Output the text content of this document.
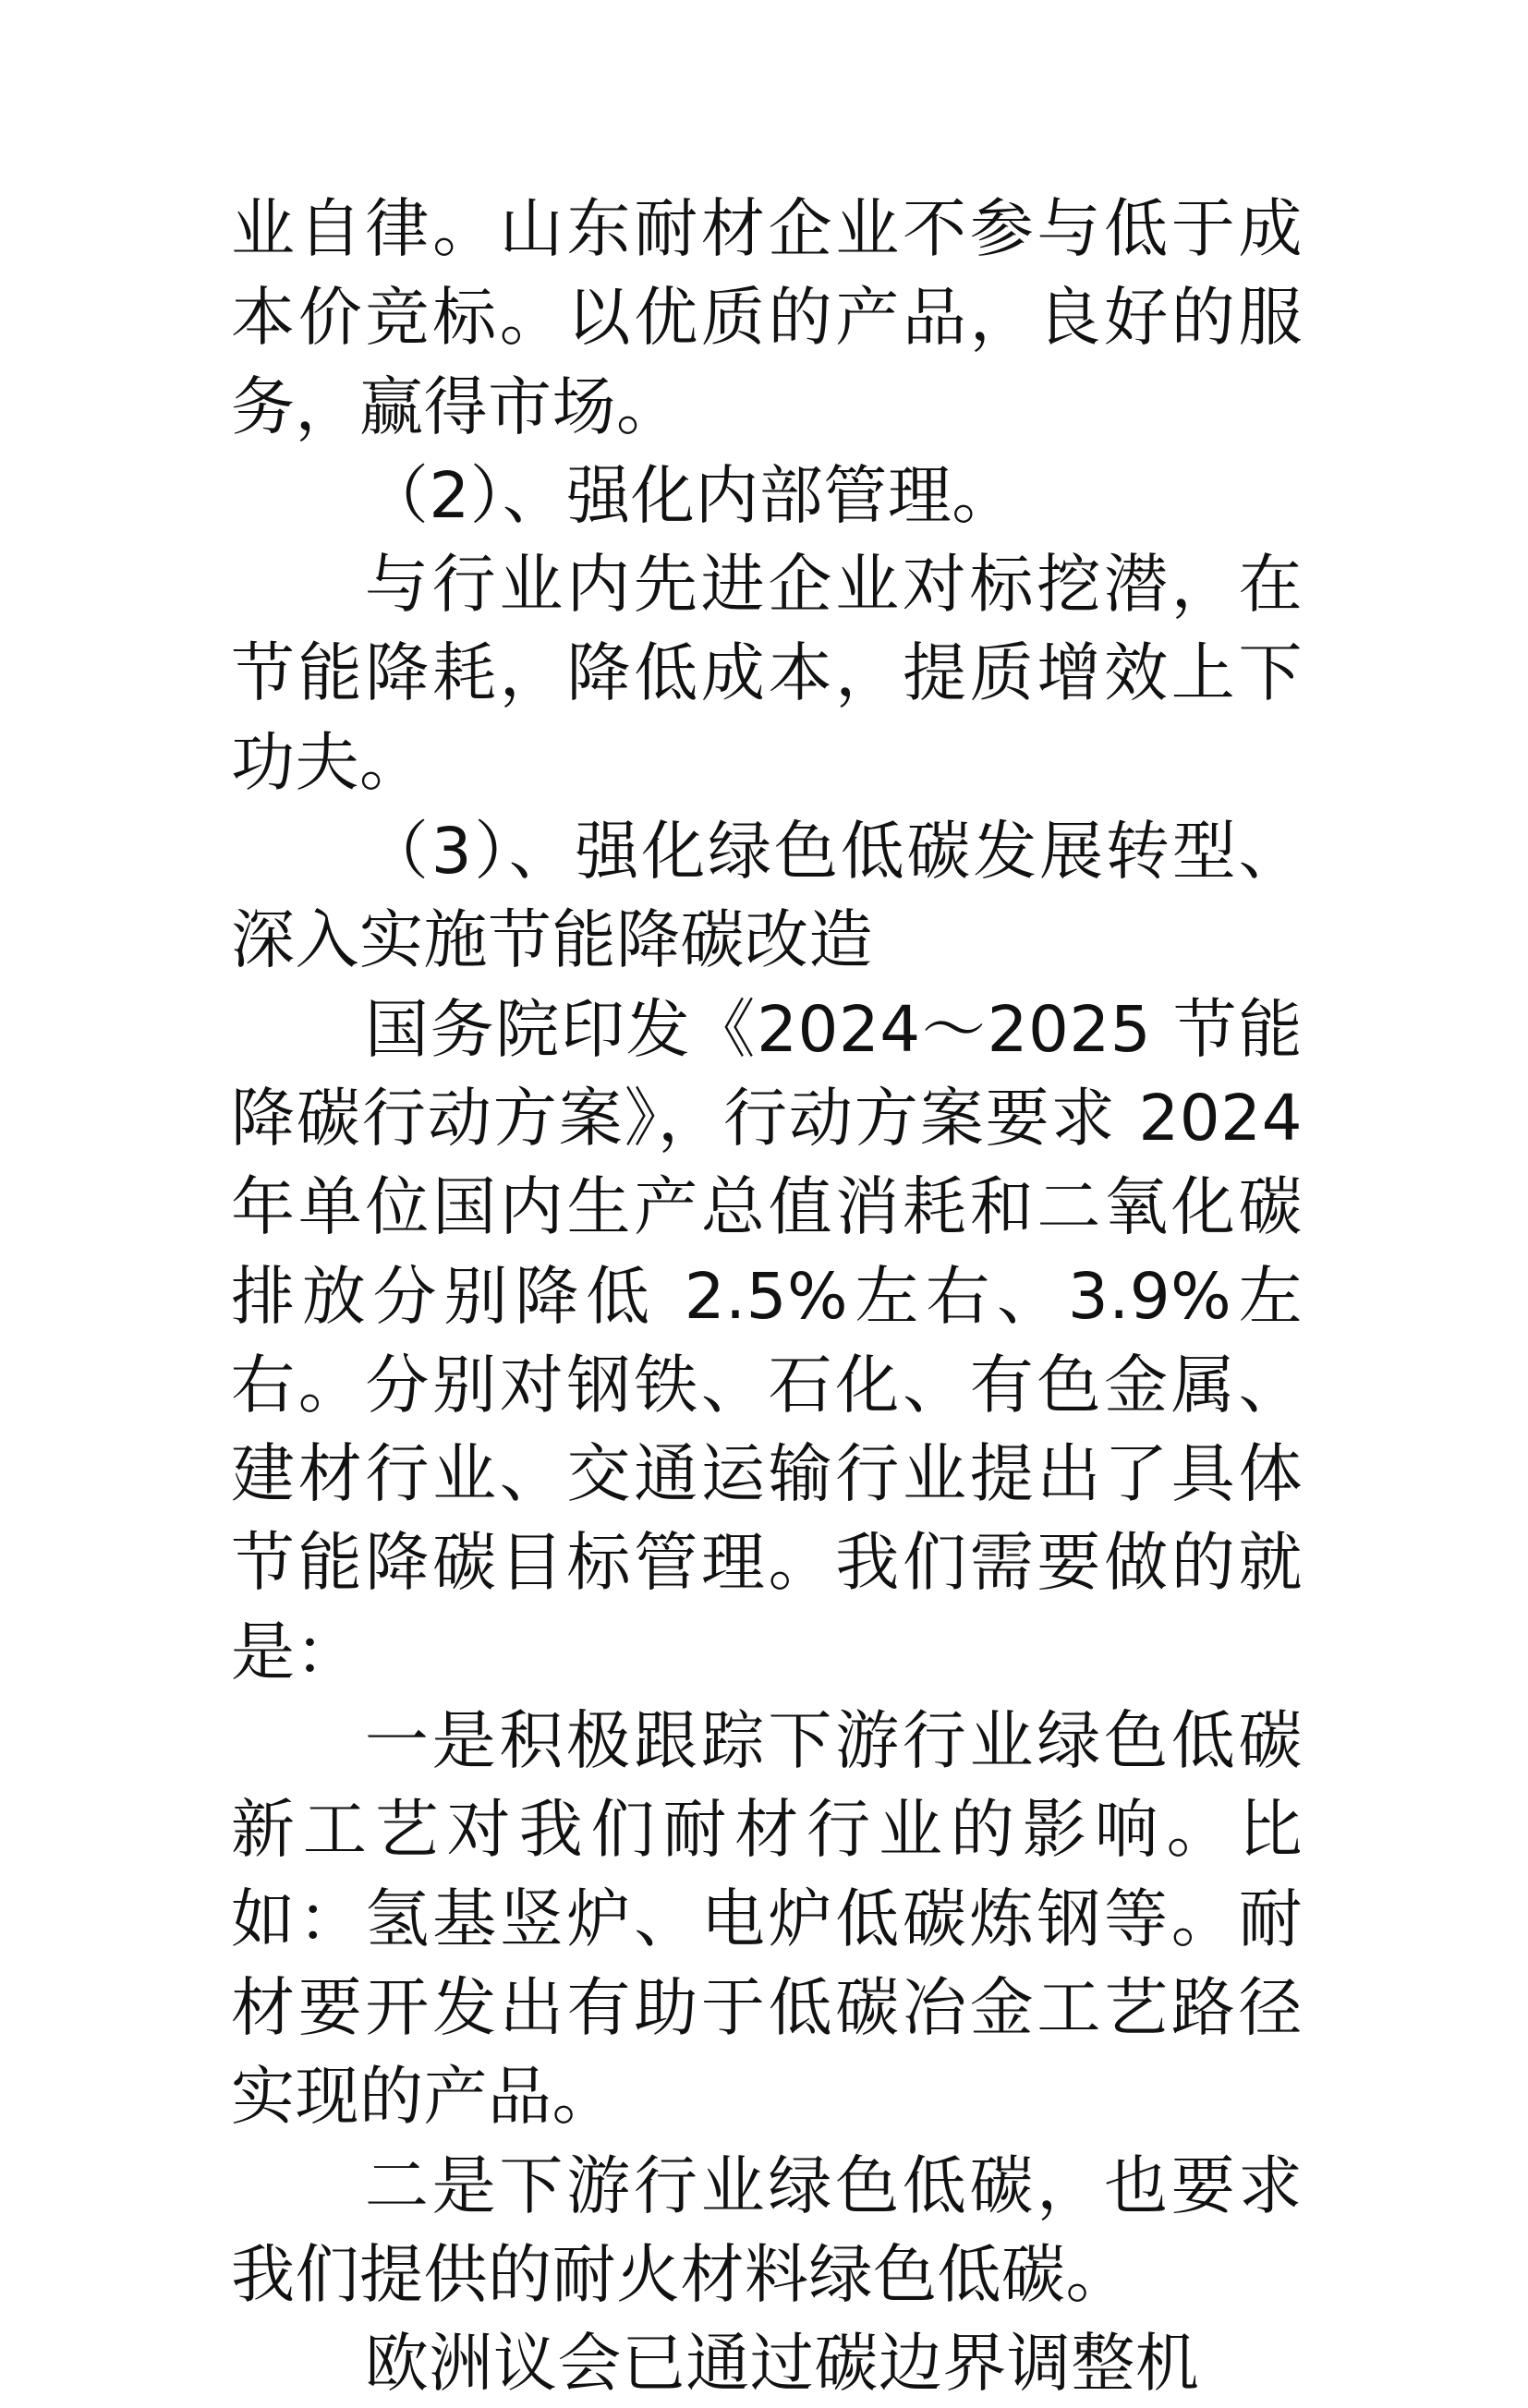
业自律。山东耐材企业不参与低于成本价竞标。以优质的产品，良好的服务，赢得市场。

（2）、强化内部管理。

与行业内先进企业对标挖潜，在节能降耗，降低成本，提质增效上下功夫。

（3）、强化绿色低碳发展转型、深入实施节能降碳改造

国务院印发《2024～2025 节能降碳行动方案》，行动方案要求 2024年单位国内生产总值消耗和二氧化碳排放分别降低 2.5%左右、3.9%左右。分别对钢铁、石化、有色金属、建材行业、交通运输行业提出了具体节能降碳目标管理。我们需要做的就是：

一是积极跟踪下游行业绿色低碳新工艺对我们耐材行业的影响。比如：氢基竖炉、电炉低碳炼钢等。耐材要开发出有助于低碳冶金工艺路径实现的产品。

二是下游行业绿色低碳，也要求我们提供的耐火材料绿色低碳。

欧洲议会已通过碳边界调整机
